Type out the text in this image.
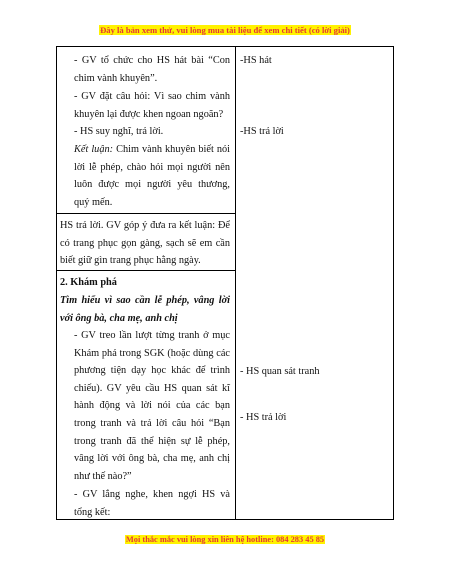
Đây là bản xem thử, vui lòng mua tài liệu để xem chi tiết (có lời giải)

- GV tổ chức cho HS hát bài “Con chim vành khuyên”.

- GV đặt câu hỏi: Vì sao chim vành khuyên lại được khen ngoan ngoãn?

- HS suy nghĩ, trả lời.

Kết luận: Chim vành khuyên biết nói lời lễ phép, chào hỏi mọi người nên luôn được mọi người yêu thương, quý mến.

HS trả lời. GV góp ý đưa ra kết luận: Để có trang phục gọn gàng, sạch sẽ em cần biết giữ gìn trang phục hằng ngày.

2. Khám phá

Tìm hiểu vì sao cần lễ phép, vâng lời với ông bà, cha mẹ, anh chị

- GV treo lần lượt từng tranh ở mục Khám phá trong SGK (hoặc dùng các phương tiện dạy học khác để trình chiếu). GV yêu cầu HS quan sát kĩ hành động và lời nói của các bạn trong tranh và trả lời câu hỏi “Bạn trong tranh đã thể hiện sự lễ phép, vâng lời với ông bà, cha mẹ, anh chị như thế nào?”

- GV lắng nghe, khen ngợi HS và tổng kết:

-HS hát
-HS trả lời
- HS quan sát tranh
- HS trả lời
Mọi thắc mắc vui lòng xin liên hệ hotline: 084 283 45 85
